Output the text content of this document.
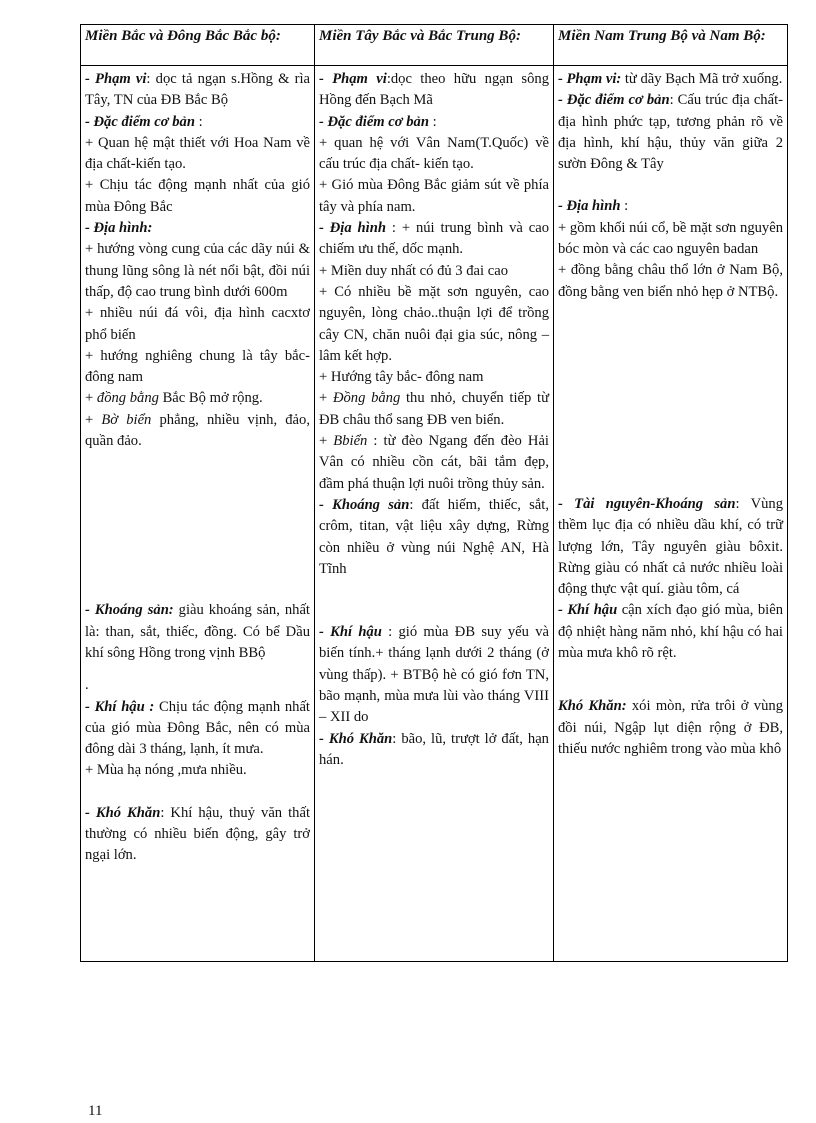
Miền Bắc và Đông Bắc Bắc bộ:	Miền Tây Bắc và Bắc Trung Bộ:	Miền Nam Trung Bộ và Nam Bộ:

- Phạm vi: dọc tả ngạn s.Hồng & rìa Tây, TN của ĐB Bắc Bộ

- Đặc điểm cơ bản :

+ Quan hệ mật thiết với Hoa Nam về địa chất-kiến tạo.

+ Chịu tác động mạnh nhất của gió mùa Đông Bắc

- Địa hình:

+ hướng vòng cung của các dãy núi & thung lũng sông là nét nổi bật, đồi núi thấp, độ cao trung bình dưới 600m

+ nhiều núi đá vôi, địa hình cacxtơ phổ biến

+ hướng nghiêng chung là tây bắc-đông nam

+ đồng bằng Bắc Bộ mở rộng.

+ Bờ biển phẳng, nhiều vịnh, đảo, quần đảo.

- Khoáng sản: giàu khoáng sản, nhất là: than, sắt, thiếc, đồng. Có bể Dầu khí sông Hồng trong vịnh BBộ

.

- Khí hậu : Chịu tác động mạnh nhất của gió mùa Đông Bắc, nên có mùa đông dài 3 tháng, lạnh, ít mưa.

+ Mùa hạ nóng ,mưa nhiều.

- Khó Khăn: Khí hậu, thuỷ văn thất thường có nhiều biến động, gây trở ngại lớn.

- Phạm vi:dọc theo hữu ngạn sông Hồng đến Bạch Mã

- Đặc điểm cơ bản :

+ quan hệ với Vân Nam(T.Quốc) về cấu trúc địa chất- kiến tạo.

+ Gió mùa Đông Bắc giảm sút về phía tây và phía nam.

- Địa hình : + núi trung bình và cao chiếm ưu thế, dốc mạnh.

+ Miền duy nhất có đủ 3 đai cao

+ Có nhiều bề mặt sơn nguyên, cao nguyên, lòng chảo..thuận lợi để trồng cây CN, chăn nuôi đại gia súc, nông –lâm kết hợp.

+ Hướng tây bắc- đông nam

+ Đồng bằng thu nhỏ, chuyển tiếp từ ĐB châu thổ sang ĐB ven biển.

+ Bbiển : từ đèo Ngang đến đèo Hải Vân có nhiều cồn cát, bãi tắm đẹp, đầm phá thuận lợi nuôi trồng thủy sản.

- Khoáng sản: đất hiếm, thiếc, sắt, crôm, titan, vật liệu xây dựng, Rừng còn nhiều ở vùng núi Nghệ AN, Hà Tĩnh

- Khí hậu : gió mùa ĐB suy yếu và biến tính.+ tháng lạnh dưới 2 tháng (ở vùng thấp). + BTBộ hè có gió fơn TN, bão mạnh, mùa mưa lùi vào tháng VIII – XII do

- Khó Khăn: bão, lũ, trượt lở đất, hạn hán.

- Phạm vi: từ dãy Bạch Mã trở xuống.

- Đặc điểm cơ bản: Cấu trúc địa chất-địa hình phức tạp, tương phản rõ về địa hình, khí hậu, thủy văn giữa 2 sườn Đông & Tây

- Địa hình :

+ gồm khối núi cổ, bề mặt sơn nguyên bóc mòn và các cao nguyên badan

+ đồng bằng châu thổ lớn ở Nam Bộ, đồng bằng ven biển nhỏ hẹp ở NTBộ.

- Tài nguyên-Khoáng sản: Vùng thềm lục địa có nhiều dầu khí, có trữ lượng lớn, Tây nguyên giàu bôxit. Rừng giàu có nhất cả nước nhiều loài động thực vật quí. giàu tôm, cá

- Khí hậu cận xích đạo gió mùa, biên độ nhiệt hàng năm nhỏ, khí hậu có hai mùa mưa khô rõ rệt.

Khó Khăn: xói mòn, rửa trôi ở vùng đồi núi, Ngập lụt diện rộng ở ĐB, thiếu nước nghiêm trong vào mùa khô

11
